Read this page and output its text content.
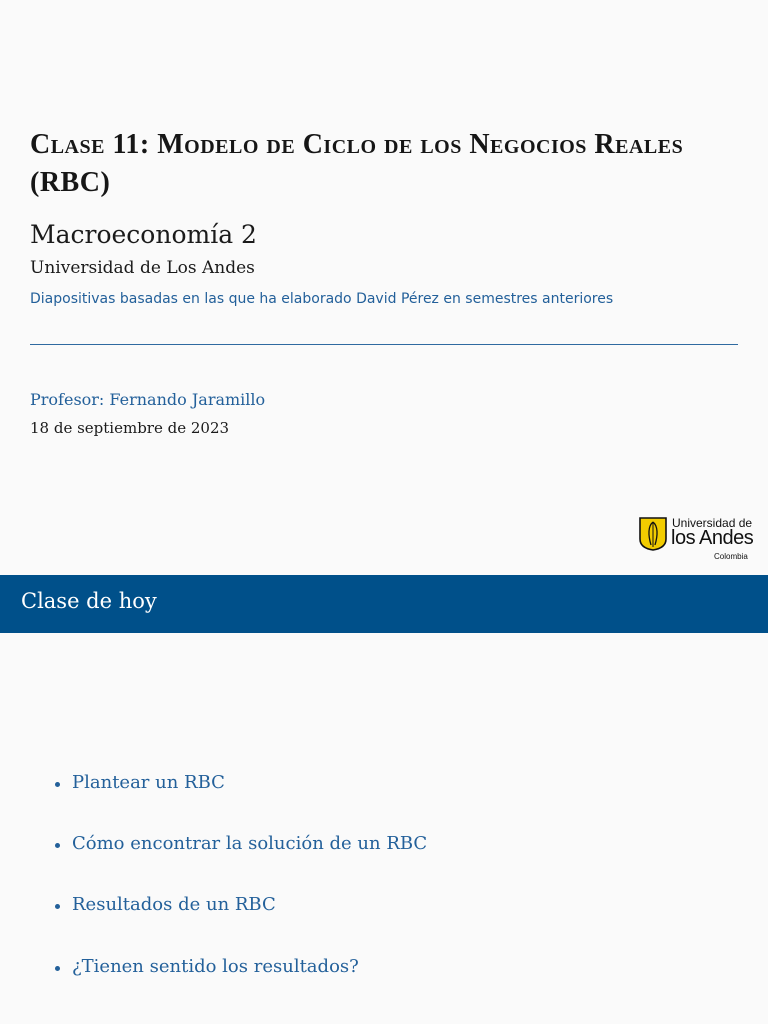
Clase 11: Modelo de Ciclo de los Negocios Reales (RBC)
Macroeconomía 2
Universidad de Los Andes
Diapositivas basadas en las que ha elaborado David Pérez en semestres anteriores
Profesor: Fernando Jaramillo
18 de septiembre de 2023
Universidad de
los Andes
Colombia
Clase de hoy
Plantear un RBC
Cómo encontrar la solución de un RBC
Resultados de un RBC
¿Tienen sentido los resultados?
